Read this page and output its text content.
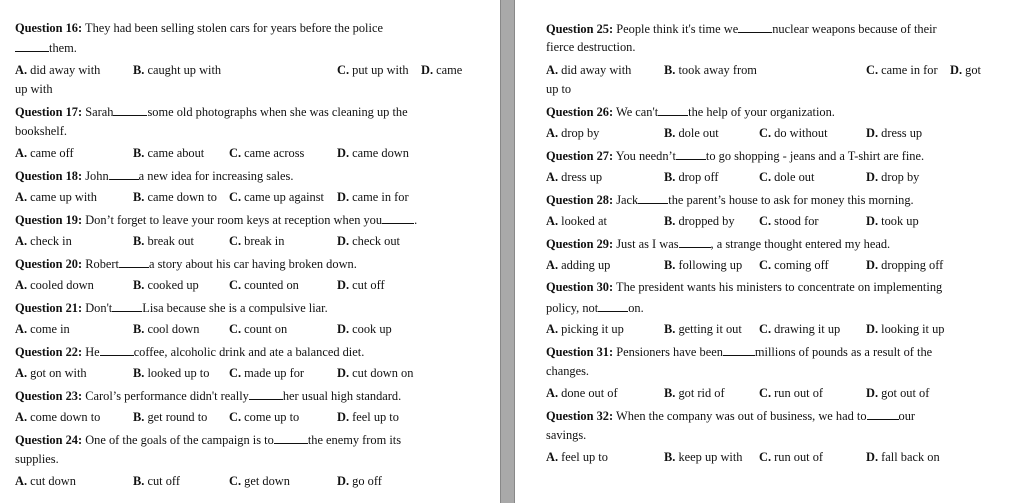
Question 16: They had been selling stolen cars for years before the police
them.
A. did away with	B. caught up with	C. put up with D. came
up with
Question 17: Sarah	some old photographs when she was cleaning up the
bookshelf.
A. came off	B. came about C. came across	D. came down
Question 18: John a new idea for increasing sales.
A. came up with	B. came down to C. came up against D. came in for
Question 19: Don’t forget to leave your room keys at reception when you	.
A. check in	B. break out	C. break in	D. check out
Question 20: Robert a story about his car having broken down.
A. cooled down	B. cooked up C. counted on	D. cut off
Question 21: Don't Lisa because she is a compulsive liar.
A. come in	B. cool down C. count on	D. cook up
Question 22: He	coffee, alcoholic drink and ate a balanced diet.
A. got on with	B. looked up to C. made up for	D. cut down on
Question 23: Carol’s performance didn't really	her usual high standard.
A. come down to	B. get round to C. come up to	D. feel up to
Question 24: One of the goals of the campaign is to	the enemy from its
supplies.
A. cut down	B. cut off	C. get down	D. go off
Question 25: People think it's time we	nuclear weapons because of their
fierce destruction.
A. did away with	B. took away from	C. came in for D. got
up to
Question 26: We can't the help of your organization.
A. drop by	B. dole out	C. do without	D. dress up
Question 27: You needn’t to go shopping - jeans and a T-shirt are fine.
A. dress up	B. drop off	C. dole out	D. drop by
Question 28: Jack the parent’s house to ask for money this morning.
A. looked at	B. dropped by C. stood for	D. took up
Question 29: Just as I was	, a strange thought entered my head.
A. adding up	B. following up C. coming off	D. dropping off
Question 30: The president wants his ministers to concentrate on implementing
policy, not on.
A. picking it up	B. getting it out C. drawing it up D. looking it up
Question 31: Pensioners have been	millions of pounds as a result of the
changes.
A. done out of	B. got rid of	C. run out of	D. got out of
Question 32: When the company was out of business, we had to	our
savings.
A. feel up to	B. keep up with C. run out of	D. fall back on
